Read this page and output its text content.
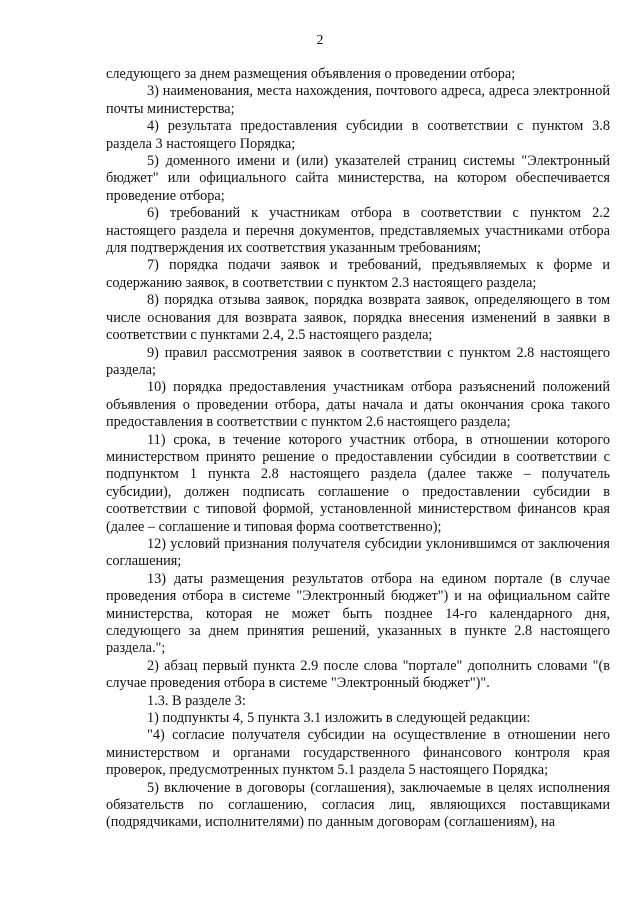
2

следующего за днем размещения объявления о проведении отбора;

3) наименования, места нахождения, почтового адреса, адреса электронной почты министерства;

4) результата предоставления субсидии в соответствии с пунктом 3.8 раздела 3 настоящего Порядка;

5) доменного имени и (или) указателей страниц системы "Электронный бюджет" или официального сайта министерства, на котором обеспечивается проведение отбора;

6) требований к участникам отбора в соответствии с пунктом 2.2 настоящего раздела и перечня документов, представляемых участниками отбора для подтверждения их соответствия указанным требованиям;

7) порядка подачи заявок и требований, предъявляемых к форме и содержанию заявок, в соответствии с пунктом 2.3 настоящего раздела;

8) порядка отзыва заявок, порядка возврата заявок, определяющего в том числе основания для возврата заявок, порядка внесения изменений в заявки в соответствии с пунктами 2.4, 2.5 настоящего раздела;

9) правил рассмотрения заявок в соответствии с пунктом 2.8 настоящего раздела;

10) порядка предоставления участникам отбора разъяснений положений объявления о проведении отбора, даты начала и даты окончания срока такого предоставления в соответствии с пунктом 2.6 настоящего раздела;

11) срока, в течение которого участник отбора, в отношении которого министерством принято решение о предоставлении субсидии в соответствии с подпунктом 1 пункта 2.8 настоящего раздела (далее также – получатель субсидии), должен подписать соглашение о предоставлении субсидии в соответствии с типовой формой, установленной министерством финансов края (далее – соглашение и типовая форма соответственно);

12) условий признания получателя субсидии уклонившимся от заключения соглашения;

13) даты размещения результатов отбора на едином портале (в случае проведения отбора в системе "Электронный бюджет") и на официальном сайте министерства, которая не может быть позднее 14-го календарного дня, следующего за днем принятия решений, указанных в пункте 2.8 настоящего раздела.";

2) абзац первый пункта 2.9 после слова "портале" дополнить словами "(в случае проведения отбора в системе "Электронный бюджет")".

1.3. В разделе 3:

1) подпункты 4, 5 пункта 3.1 изложить в следующей редакции:

"4) согласие получателя субсидии на осуществление в отношении него министерством и органами государственного финансового контроля края проверок, предусмотренных пунктом 5.1 раздела 5 настоящего Порядка;

5) включение в договоры (соглашения), заключаемые в целях исполнения обязательств по соглашению, согласия лиц, являющихся поставщиками (подрядчиками, исполнителями) по данным договорам (соглашениям), на
